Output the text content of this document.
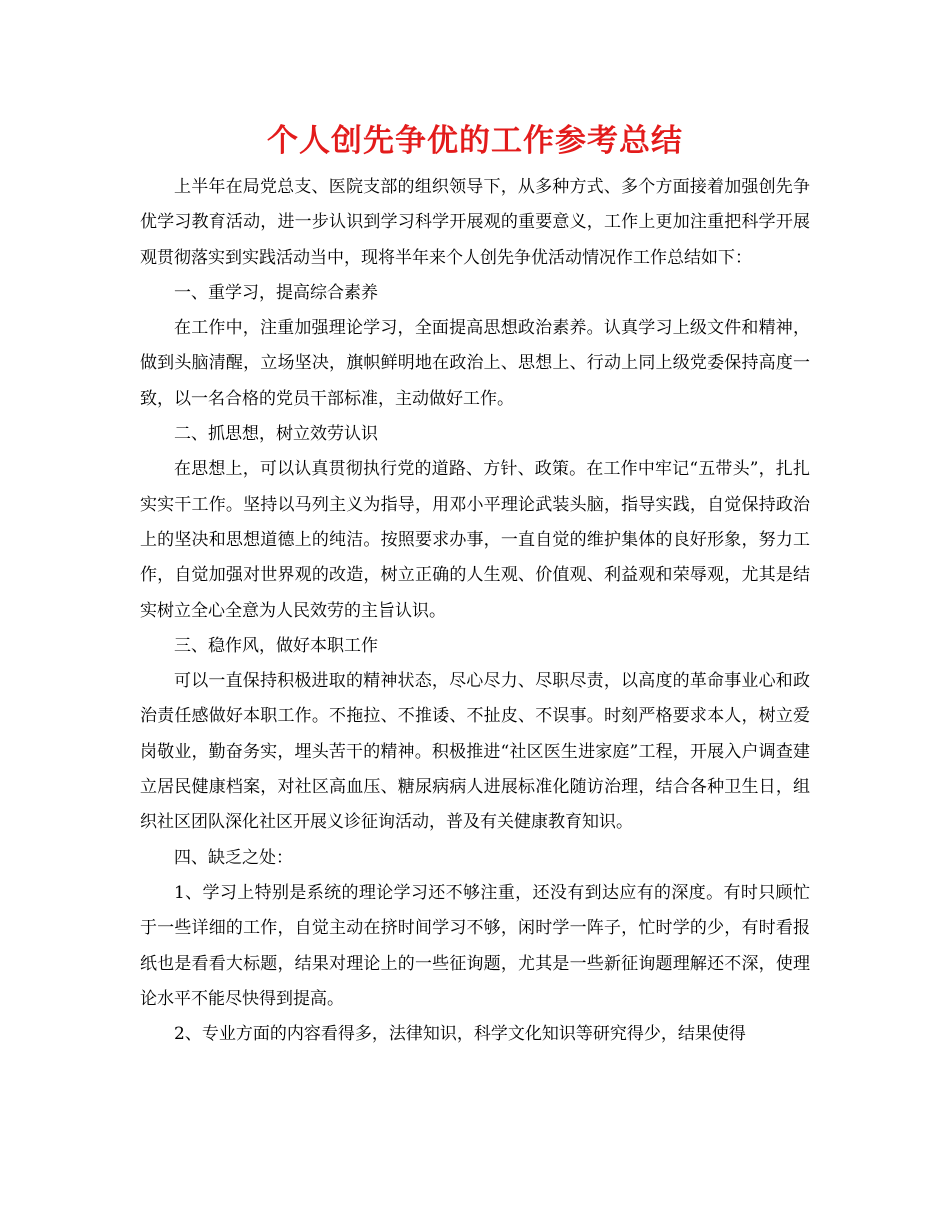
个人创先争优的工作参考总结

上半年在局党总支、医院支部的组织领导下，从多种方式、多个方面接着加强创先争优学习教育活动，进一步认识到学习科学开展观的重要意义，工作上更加注重把科学开展观贯彻落实到实践活动当中，现将半年来个人创先争优活动情况作工作总结如下：

一、重学习，提高综合素养

在工作中，注重加强理论学习，全面提高思想政治素养。认真学习上级文件和精神，做到头脑清醒，立场坚决，旗帜鲜明地在政治上、思想上、行动上同上级党委保持高度一致，以一名合格的党员干部标准，主动做好工作。

二、抓思想，树立效劳认识

在思想上，可以认真贯彻执行党的道路、方针、政策。在工作中牢记“五带头”，扎扎实实干工作。坚持以马列主义为指导，用邓小平理论武装头脑，指导实践，自觉保持政治上的坚决和思想道德上的纯洁。按照要求办事，一直自觉的维护集体的良好形象，努力工作，自觉加强对世界观的改造，树立正确的人生观、价值观、利益观和荣辱观，尤其是结实树立全心全意为人民效劳的主旨认识。

三、稳作风，做好本职工作

可以一直保持积极进取的精神状态，尽心尽力、尽职尽责，以高度的革命事业心和政治责任感做好本职工作。不拖拉、不推诿、不扯皮、不误事。时刻严格要求本人，树立爱岗敬业，勤奋务实，埋头苦干的精神。积极推进“社区医生进家庭”工程，开展入户调查建立居民健康档案，对社区高血压、糖尿病病人进展标准化随访治理，结合各种卫生日，组织社区团队深化社区开展义诊征询活动，普及有关健康教育知识。

四、缺乏之处：

1、学习上特别是系统的理论学习还不够注重，还没有到达应有的深度。有时只顾忙于一些详细的工作，自觉主动在挤时间学习不够，闲时学一阵子，忙时学的少，有时看报纸也是看看大标题，结果对理论上的一些征询题，尤其是一些新征询题理解还不深，使理论水平不能尽快得到提高。

2、专业方面的内容看得多，法律知识，科学文化知识等研究得少，结果使得
